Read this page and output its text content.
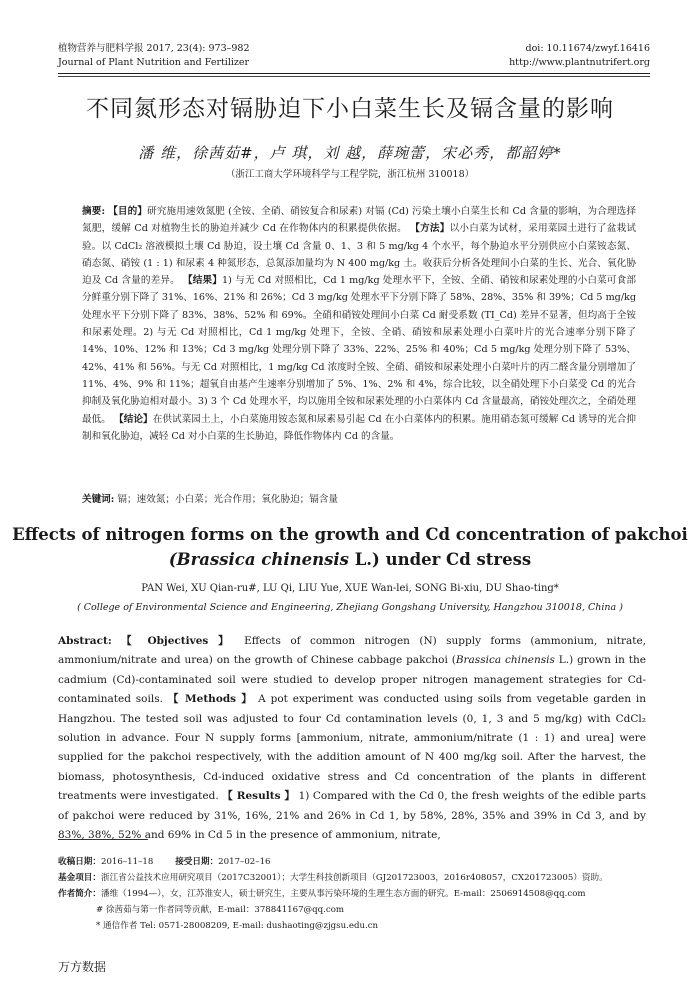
植物营养与肥料学报 2017, 23(4): 973–982
Journal of Plant Nutrition and Fertilizer
doi: 10.11674/zwyf.16416
http://www.plantnutrifert.org
不同氮形态对镉胁迫下小白菜生长及镉含量的影响
潘 维，徐茜茹#，卢 琪，刘 越，薛琬蕾，宋必秀，都韶婷*
（浙江工商大学环境科学与工程学院，浙江杭州 310018）
摘要: 【目的】研究施用速效氮肥 (全铵、全硝、硝铵复合和尿素) 对镉 (Cd) 污染土壤小白菜生长和 Cd 含量的影响，为合理选择氮肥，缓解 Cd 对植物生长的胁迫并减少 Cd 在作物体内的积累提供依据。 【方法】以小白菜为试材，采用菜园土进行了盆栽试验。以 CdCl₂ 溶液模拟土壤 Cd 胁迫，设土壤 Cd 含量 0、1、3 和 5 mg/kg 4 个水平，每个胁迫水平分别供应小白菜铵态氮、硝态氮、硝铵 (1 : 1) 和尿素 4 种氮形态，总氮添加量均为 N 400 mg/kg 土。收获后分析各处理间小白菜的生长、光合、氧化胁迫及 Cd 含量的差异。 【结果】1) 与无 Cd 对照相比，Cd 1 mg/kg 处理水平下，全铵、全硝、硝铵和尿素处理的小白菜可食部分鲜重分别下降了 31%、16%、21% 和 26%；Cd 3 mg/kg 处理水平下分别下降了 58%、28%、35% 和 39%；Cd 5 mg/kg 处理水平下分别下降了 83%、38%、52% 和 69%。全硝和硝铵处理间小白菜 Cd 耐受系数 (TI_Cd) 差异不显著，但均高于全铵和尿素处理。2) 与无 Cd 对照相比，Cd 1 mg/kg 处理下，全铵、全硝、硝铵和尿素处理小白菜叶片的光合速率分别下降了 14%、10%、12% 和 13%；Cd 3 mg/kg 处理分别下降了 33%、22%、25% 和 40%；Cd 5 mg/kg 处理分别下降了 53%、42%、41% 和 56%。与无 Cd 对照相比，1 mg/kg Cd 浓度时全铵、全硝、硝铵和尿素处理小白菜叶片的丙二醛含量分别增加了 11%、4%、9% 和 11%；超氧自由基产生速率分别增加了 5%、1%、2% 和 4%，综合比较，以全硝处理下小白菜受 Cd 的光合抑制及氧化胁迫相对最小。3) 3 个 Cd 处理水平，均以施用全铵和尿素处理的小白菜体内 Cd 含量最高，硝铵处理次之，全硝处理最低。 【结论】在供试菜园土上，小白菜施用铵态氮和尿素易引起 Cd 在小白菜体内的积累。施用硝态氮可缓解 Cd 诱导的光合抑制和氧化胁迫，减轻 Cd 对小白菜的生长胁迫，降低作物体内 Cd 的含量。
关键词: 镉；速效氮；小白菜；光合作用；氧化胁迫；镉含量
Effects of nitrogen forms on the growth and Cd concentration of pakchoi
(Brassica chinensis L.) under Cd stress
PAN Wei, XU Qian-ru#, LU Qi, LIU Yue, XUE Wan-lei, SONG Bi-xiu, DU Shao-ting*
( College of Environmental Science and Engineering, Zhejiang Gongshang University, Hangzhou 310018, China )
Abstract: 【 Objectives 】 Effects of common nitrogen (N) supply forms (ammonium, nitrate, ammonium/nitrate and urea) on the growth of Chinese cabbage pakchoi (Brassica chinensis L.) grown in the cadmium (Cd)-contaminated soil were studied to develop proper nitrogen management strategies for Cd-contaminated soils. 【 Methods 】 A pot experiment was conducted using soils from vegetable garden in Hangzhou. The tested soil was adjusted to four Cd contamination levels (0, 1, 3 and 5 mg/kg) with CdCl₂ solution in advance. Four N supply forms [ammonium, nitrate, ammonium/nitrate (1 : 1) and urea] were supplied for the pakchoi respectively, with the addition amount of N 400 mg/kg soil. After the harvest, the biomass, photosynthesis, Cd-induced oxidative stress and Cd concentration of the plants in different treatments were investigated. 【 Results 】 1) Compared with the Cd 0, the fresh weights of the edible parts of pakchoi were reduced by 31%, 16%, 21% and 26% in Cd 1, by 58%, 28%, 35% and 39% in Cd 3, and by 83%, 38%, 52% and 69% in Cd 5 in the presence of ammonium, nitrate,

收稿日期：2016–11–18	接受日期：2017–02–16

基金项目：浙江省公益技术应用研究项目（2017C32001）；大学生科技创新项目（GJ201723003，2016r408057，CX201723005）资助。

作者简介：潘维（1994—），女，江苏淮安人，硕士研究生，主要从事污染环境的生理生态方面的研究。E-mail：2506914508@qq.com

# 徐茜茹与第一作者同等贡献，E-mail：378841167@qq.com

* 通信作者 Tel: 0571-28008209, E-mail: dushaoting@zjgsu.edu.cn

万方数据
